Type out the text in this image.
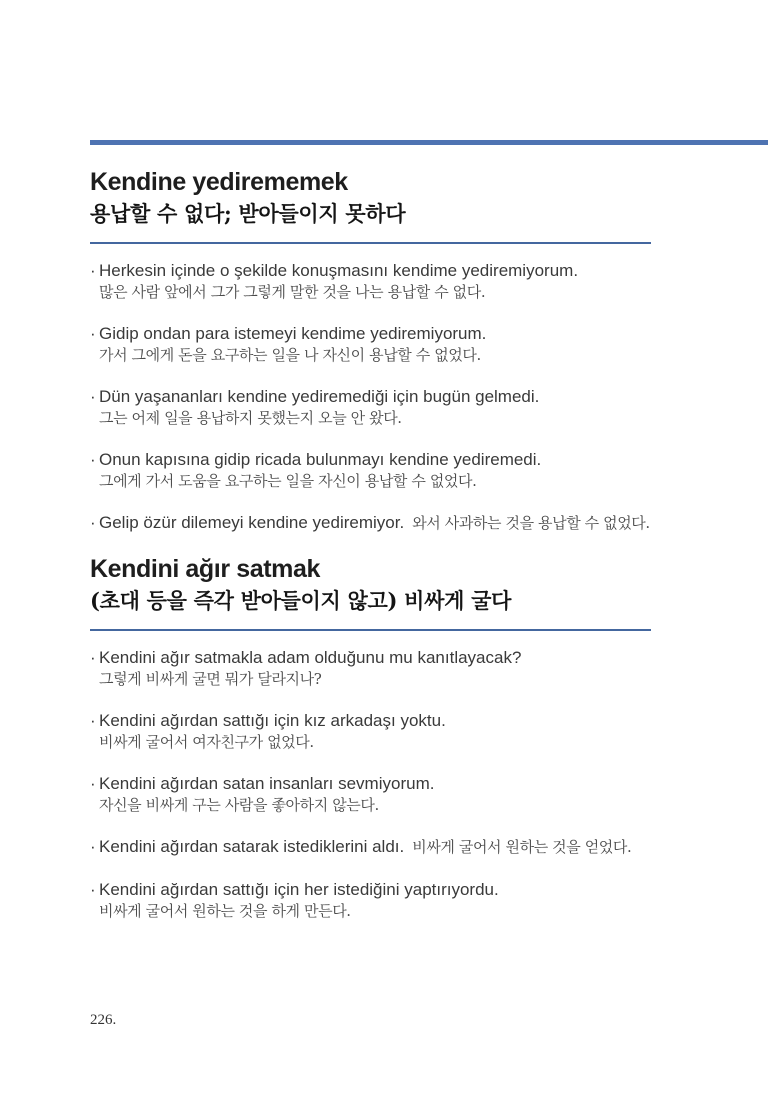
Kendine yedirememek
용납할 수 없다; 받아들이지 못하다
· Herkesin içinde o şekilde konuşmasını kendime yediremiyorum.
많은 사람 앞에서 그가 그렇게 말한 것을 나는 용납할 수 없다.
· Gidip ondan para istemeyi kendime yediremiyorum.
가서 그에게 돈을 요구하는 일을 나 자신이 용납할 수 없었다.
· Dün yaşananları kendine yediremediği için bugün gelmedi.
그는 어제 일을 용납하지 못했는지 오늘 안 왔다.
· Onun kapısına gidip ricada bulunmayı kendine yediremedi.
그에게 가서 도움을 요구하는 일을 자신이 용납할 수 없었다.
· Gelip özür dilemeyi kendine yediremiyor. 와서 사과하는 것을 용납할 수 없었다.
Kendini ağır satmak
(초대 등을 즉각 받아들이지 않고) 비싸게 굴다
· Kendini ağır satmakla adam olduğunu mu kanıtlayacak?
그렇게 비싸게 굴면 뭐가 달라지나?
· Kendini ağırdan sattığı için kız arkadaşı yoktu.
비싸게 굴어서 여자친구가 없었다.
· Kendini ağırdan satan insanları sevmiyorum.
자신을 비싸게 구는 사람을 좋아하지 않는다.
· Kendini ağırdan satarak istediklerini aldı. 비싸게 굴어서 원하는 것을 얻었다.
· Kendini ağırdan sattığı için her istediğini yaptırıyordu.
비싸게 굴어서 원하는 것을 하게 만든다.
226.
